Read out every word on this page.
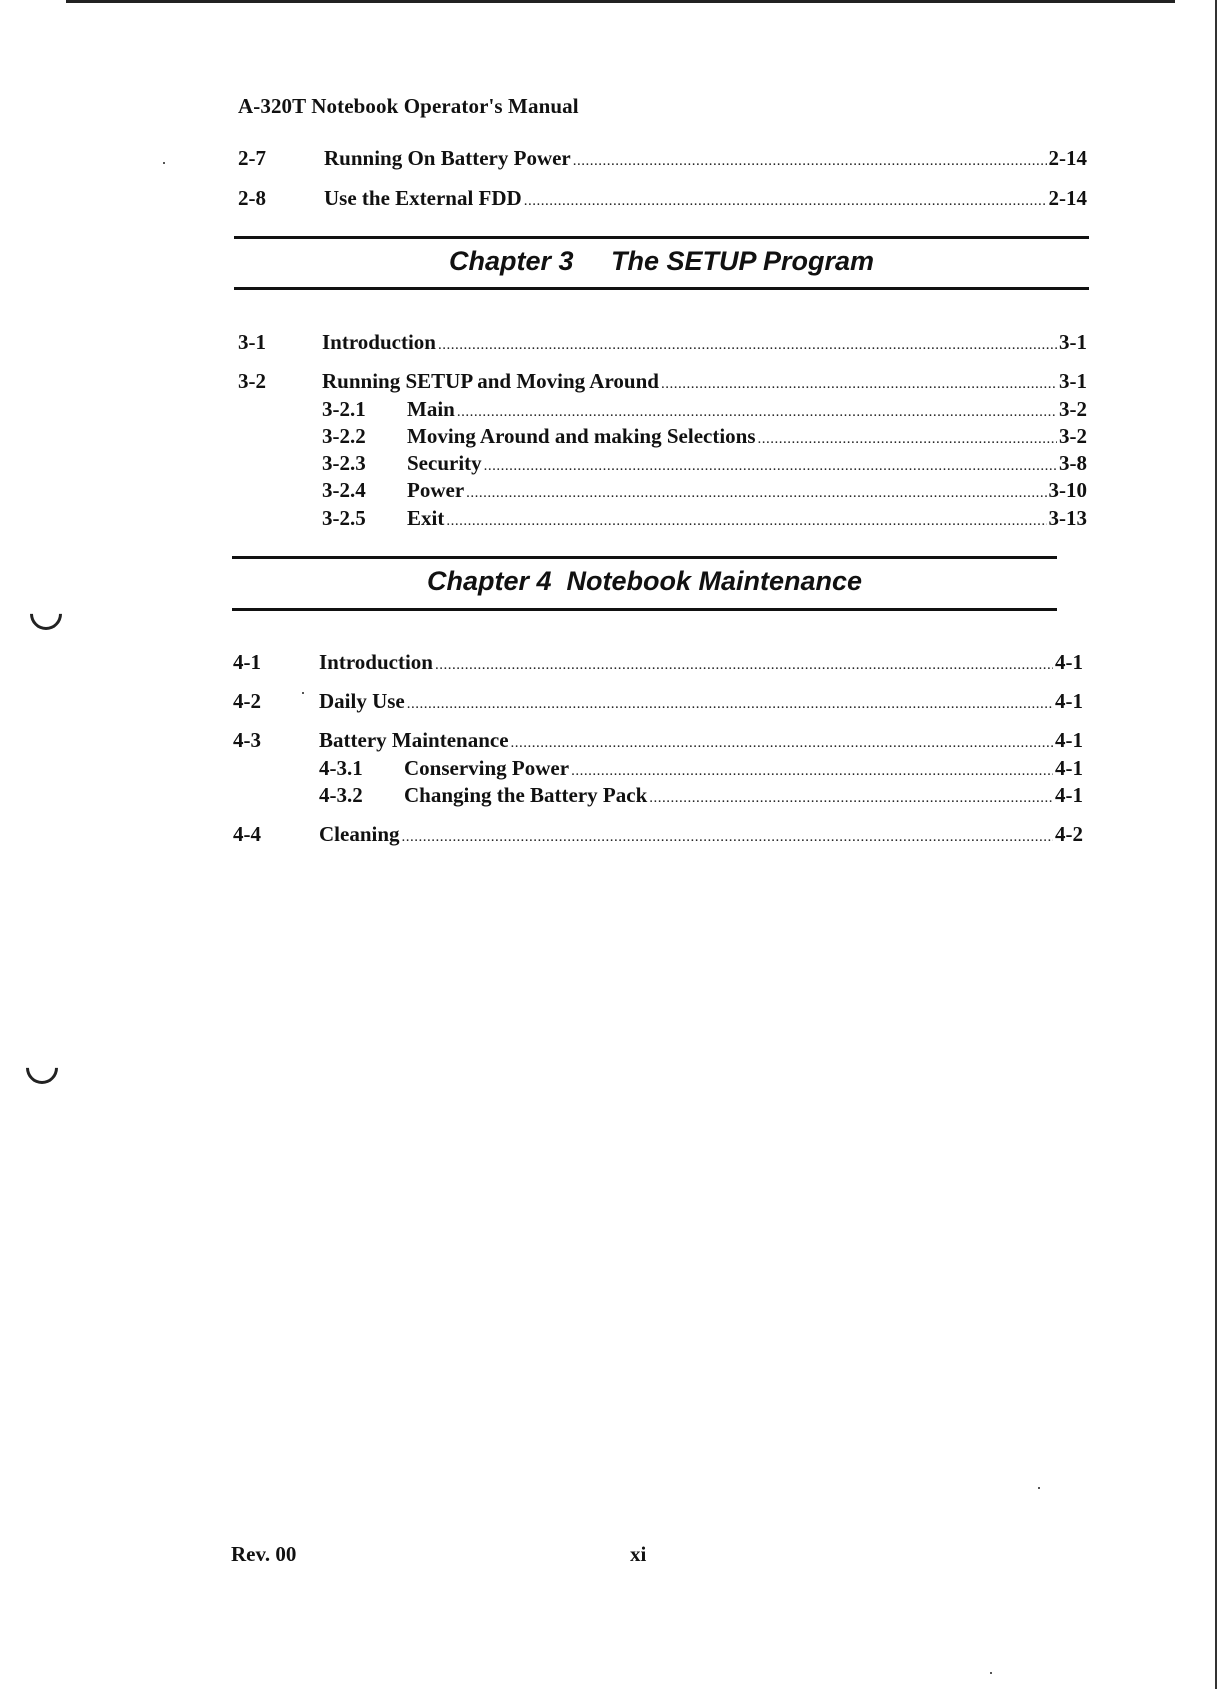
A-320T Notebook Operator's Manual
2-7	Running On Battery Power .....	2-14
2-8	Use the External FDD .....	2-14
Chapter 3     The SETUP Program
3-1	Introduction .....	3-1
3-2	Running SETUP and Moving Around .....	3-1
3-2.1	Main .....	3-2
3-2.2	Moving Around and making Selections .....	3-2
3-2.3	Security .....	3-8
3-2.4	Power .....	3-10
3-2.5	Exit .....	3-13
Chapter 4  Notebook Maintenance
4-1	Introduction .....	4-1
4-2	Daily Use .....	4-1
4-3	Battery Maintenance .....	4-1
4-3.1	Conserving Power .....	4-1
4-3.2	Changing the Battery Pack .....	4-1
4-4	Cleaning .....	4-2
Rev. 00	xi
